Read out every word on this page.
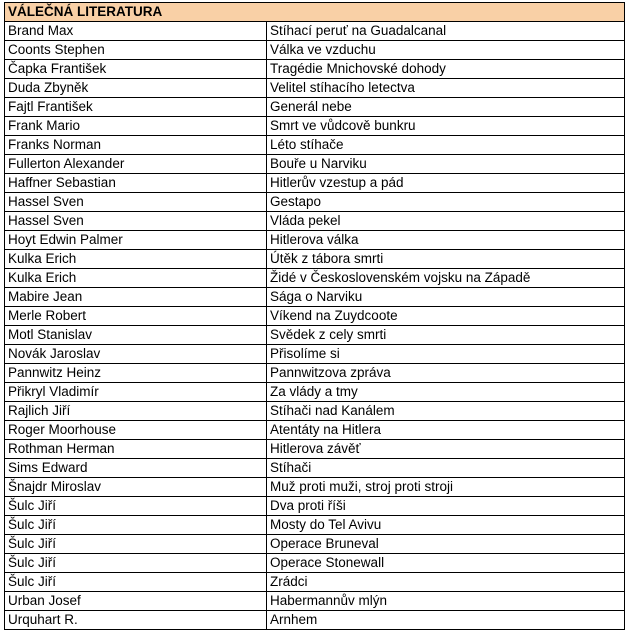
VÁLEČNÁ LITERATURA	
Brand Max	Stíhací peruť na Guadalcanal
Coonts Stephen	Válka ve vzduchu
Čapka František	Tragédie Mnichovské dohody
Duda Zbyněk	Velitel stíhacího letectva
Fajtl František	Generál nebe
Frank Mario	Smrt ve vůdcově bunkru
Franks Norman	Léto stíhače
Fullerton Alexander	Bouře u Narviku
Haffner Sebastian	Hitlerův vzestup a pád
Hassel Sven	Gestapo
Hassel Sven	Vláda pekel
Hoyt Edwin Palmer	Hitlerova válka
Kulka Erich	Útěk z tábora smrti
Kulka Erich	Židé v Československém vojsku na Západě
Mabire Jean	Sága o Narviku
Merle Robert	Víkend na Zuydcoote
Motl Stanislav	Svědek z cely smrti
Novák Jaroslav	Přisolíme si
Pannwitz Heinz	Pannwitzova zpráva
Přikryl Vladimír	Za vlády a tmy
Rajlich Jiří	Stíhači nad Kanálem
Roger Moorhouse	Atentáty na Hitlera
Rothman Herman	Hitlerova závěť
Sims Edward	Stíhači
Šnajdr Miroslav	Muž proti muži, stroj proti stroji
Šulc Jiří	Dva proti říši
Šulc Jiří	Mosty do Tel Avivu
Šulc Jiří	Operace Bruneval
Šulc Jiří	Operace Stonewall
Šulc Jiří	Zrádci
Urban Josef	Habermannův mlýn
Urquhart R.	Arnhem
